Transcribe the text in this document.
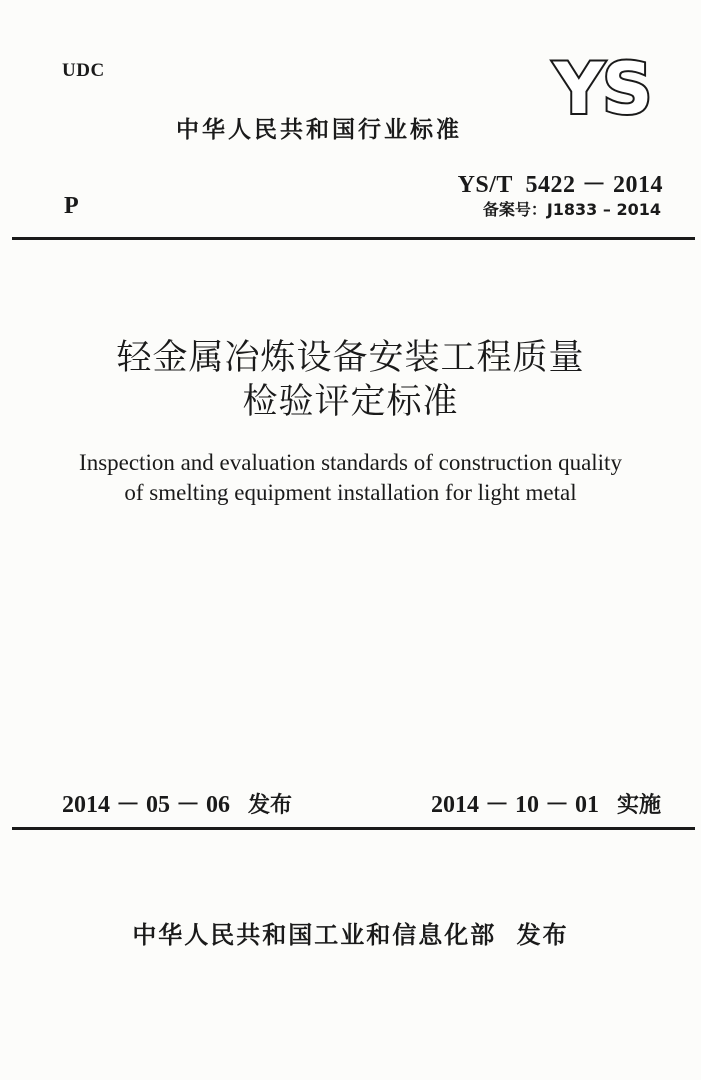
UDC
中华人民共和国行业标准 YS
YS/T  5422 － 2014
P	备案号：J1833 – 2014
轻金属冶炼设备安装工程质量
检验评定标准
Inspection and evaluation standards of construction quality
of smelting equipment installation for light metal
2014 － 05 － 06 发布	2014 － 10 － 01 实施
中华人民共和国工业和信息化部 发布
